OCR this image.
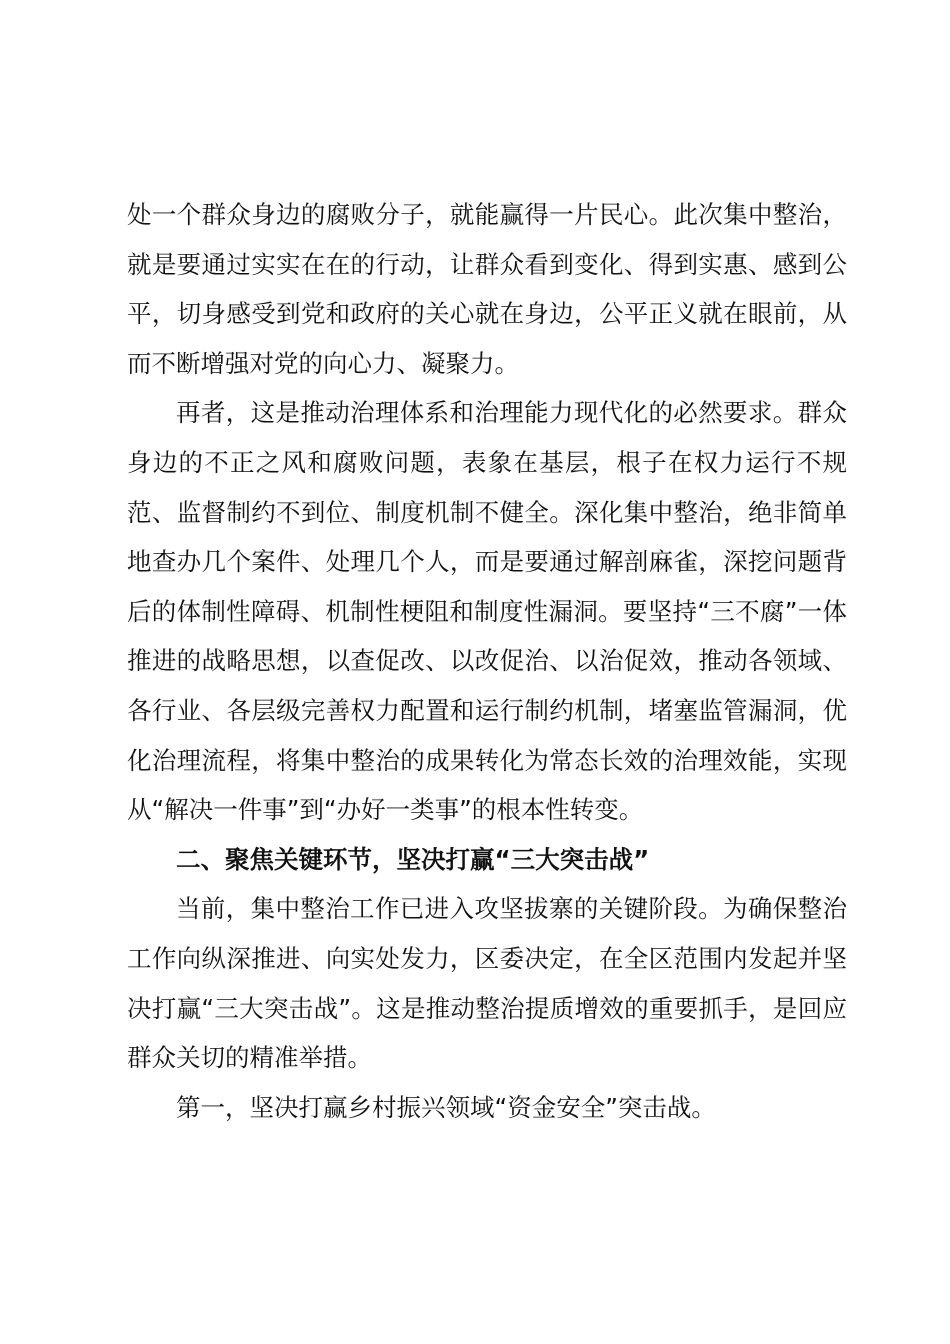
处一个群众身边的腐败分子，就能赢得一片民心。此次集中整治，就是要通过实实在在的行动，让群众看到变化、得到实惠、感到公平，切身感受到党和政府的关心就在身边，公平正义就在眼前，从而不断增强对党的向心力、凝聚力。

再者，这是推动治理体系和治理能力现代化的必然要求。群众身边的不正之风和腐败问题，表象在基层，根子在权力运行不规范、监督制约不到位、制度机制不健全。深化集中整治，绝非简单地查办几个案件、处理几个人，而是要通过解剖麻雀，深挖问题背后的体制性障碍、机制性梗阻和制度性漏洞。要坚持“三不腐”一体推进的战略思想，以查促改、以改促治、以治促效，推动各领域、各行业、各层级完善权力配置和运行制约机制，堵塞监管漏洞，优化治理流程，将集中整治的成果转化为常态长效的治理效能，实现从“解决一件事”到“办好一类事”的根本性转变。

二、聚焦关键环节，坚决打赢“三大突击战”

当前，集中整治工作已进入攻坚拔寨的关键阶段。为确保整治工作向纵深推进、向实处发力，区委决定，在全区范围内发起并坚决打赢“三大突击战”。这是推动整治提质增效的重要抓手，是回应群众关切的精准举措。

第一，坚决打赢乡村振兴领域“资金安全”突击战。
